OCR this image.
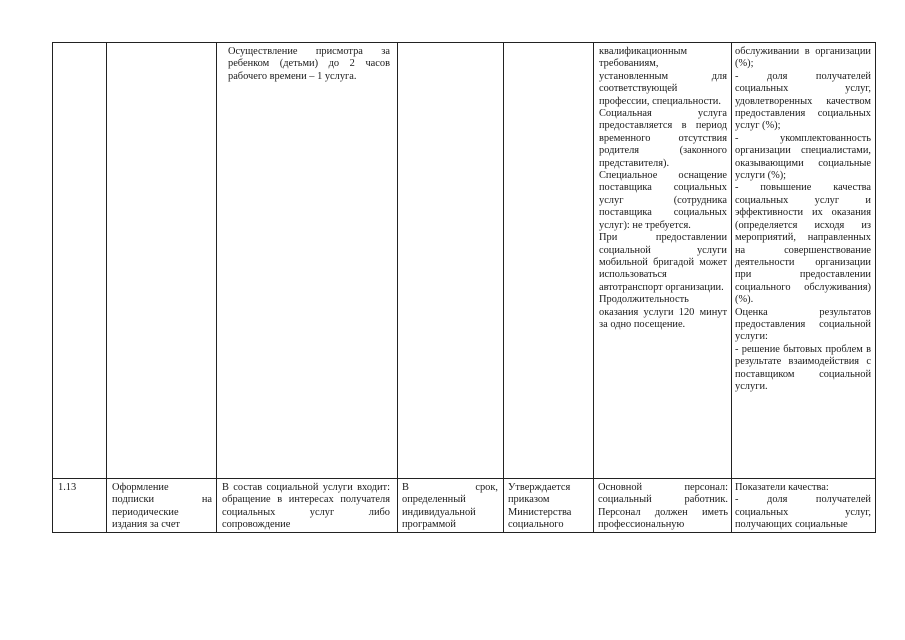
Осуществление присмотра за ребенком (детьми) до 2 часов рабочего времени – 1 услуга.

квалификационным требованиям, установленным для соответствующей профессии, специальности.

Социальная услуга предоставляется в период временного отсутствия родителя (законного представителя).

Специальное оснащение поставщика социальных услуг (сотрудника поставщика социальных услуг): не требуется.

При предоставлении социальной услуги мобильной бригадой может использоваться автотранспорт организации.

Продолжительность оказания услуги 120 минут за одно посещение.

обслуживании в организации (%);

- доля получателей социальных услуг, удовлетворенных качеством предоставления социальных услуг (%);

- укомплектованность организации специалистами, оказывающими социальные услуги (%);

- повышение качества социальных услуг и эффективности их оказания (определяется исходя из мероприятий, направленных на совершенствование деятельности организации при предоставлении социального обслуживания) (%).

Оценка результатов предоставления социальной услуги:

- решение бытовых проблем в результате взаимодействия с поставщиком социальной услуги.

1.13	Оформление подписки на периодические издания за счет

В состав социальной услуги входит: обращение в интересах получателя социальных услуг либо сопровождение

В срок, определенный индивидуальной программой

Утверждается приказом Министерства социального

Основной персонал: социальный работник. Персонал должен иметь профессиональную

Показатели качества:

- доля получателей социальных услуг, получающих социальные
